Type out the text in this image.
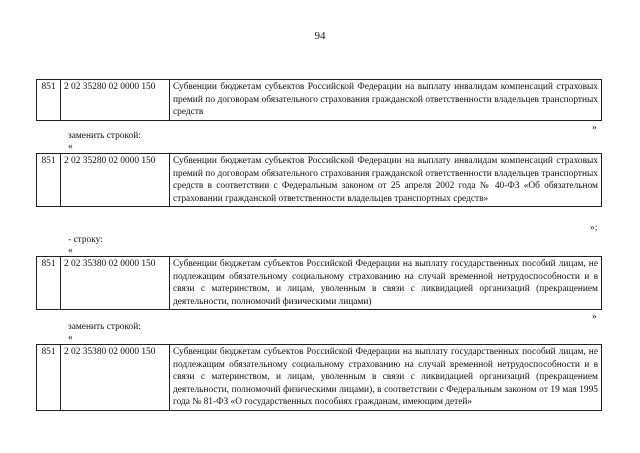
94
851	2 02 35280 02 0000 150	Субвенции бюджетам субъектов Российской Федерации на выплату инвалидам компенсаций страховых премий по договорам обязательного страхования гражданской ответственности владельцев транспортных средств
»
заменить строкой:
«
851	2 02 35280 02 0000 150	Субвенции бюджетам субъектов Российской Федерации на выплату инвалидам компенсаций страховых премий по договорам обязательного страхования гражданской ответственности владельцев транспортных средств в соответствии с Федеральным законом от 25 апреля 2002 года № 40-ФЗ «Об обязательном страховании гражданской ответственности владельцев транспортных средств»
»;
- строку:
«
851	2 02 35380 02 0000 150	Субвенции бюджетам субъектов Российской Федерации на выплату государственных пособий лицам, не подлежащим обязательному социальному страхованию на случай временной нетрудоспособности и в связи с материнством, и лицам, уволенным в связи с ликвидацией организаций (прекращением деятельности, полномочий физическими лицами)
»
заменить строкой:
«
851	2 02 35380 02 0000 150	Субвенции бюджетам субъектов Российской Федерации на выплату государственных пособий лицам, не подлежащим обязательному социальному страхованию на случай временной нетрудоспособности и в связи с материнством, и лицам, уволенным в связи с ликвидацией организаций (прекращением деятельности, полномочий физическими лицами), в соответствии с Федеральным законом от 19 мая 1995 года № 81-ФЗ «О государственных пособиях гражданам, имеющим детей»
